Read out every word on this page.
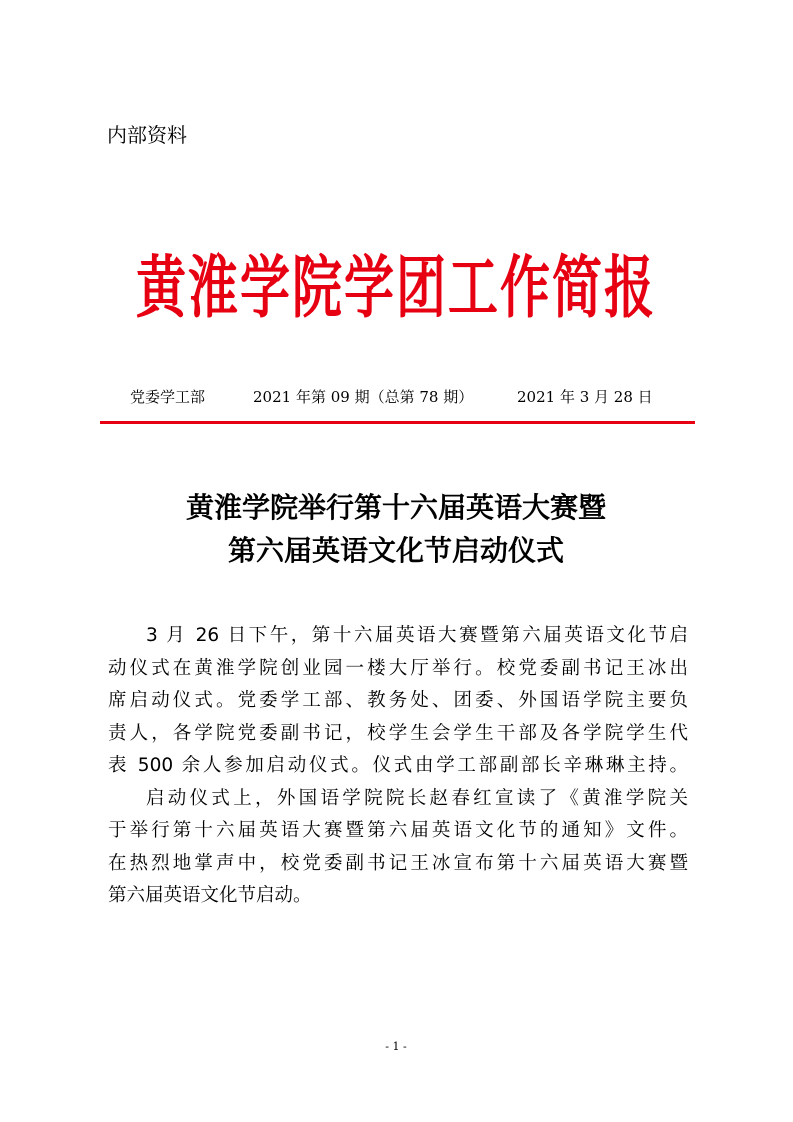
内部资料
黄淮学院学团工作简报
党委学工部	2021 年第 09 期（总第 78 期）	2021 年 3 月 28 日
黄淮学院举行第十六届英语大赛暨
第六届英语文化节启动仪式
3 月 26 日下午，第十六届英语大赛暨第六届英语文化节启
动仪式在黄淮学院创业园一楼大厅举行。校党委副书记王冰出
席启动仪式。党委学工部、教务处、团委、外国语学院主要负
责人，各学院党委副书记，校学生会学生干部及各学院学生代
表 500 余人参加启动仪式。仪式由学工部副部长辛琳琳主持。
启动仪式上，外国语学院院长赵春红宣读了《黄淮学院关
于举行第十六届英语大赛暨第六届英语文化节的通知》文件。
在热烈地掌声中，校党委副书记王冰宣布第十六届英语大赛暨
第六届英语文化节启动。
- 1 -
